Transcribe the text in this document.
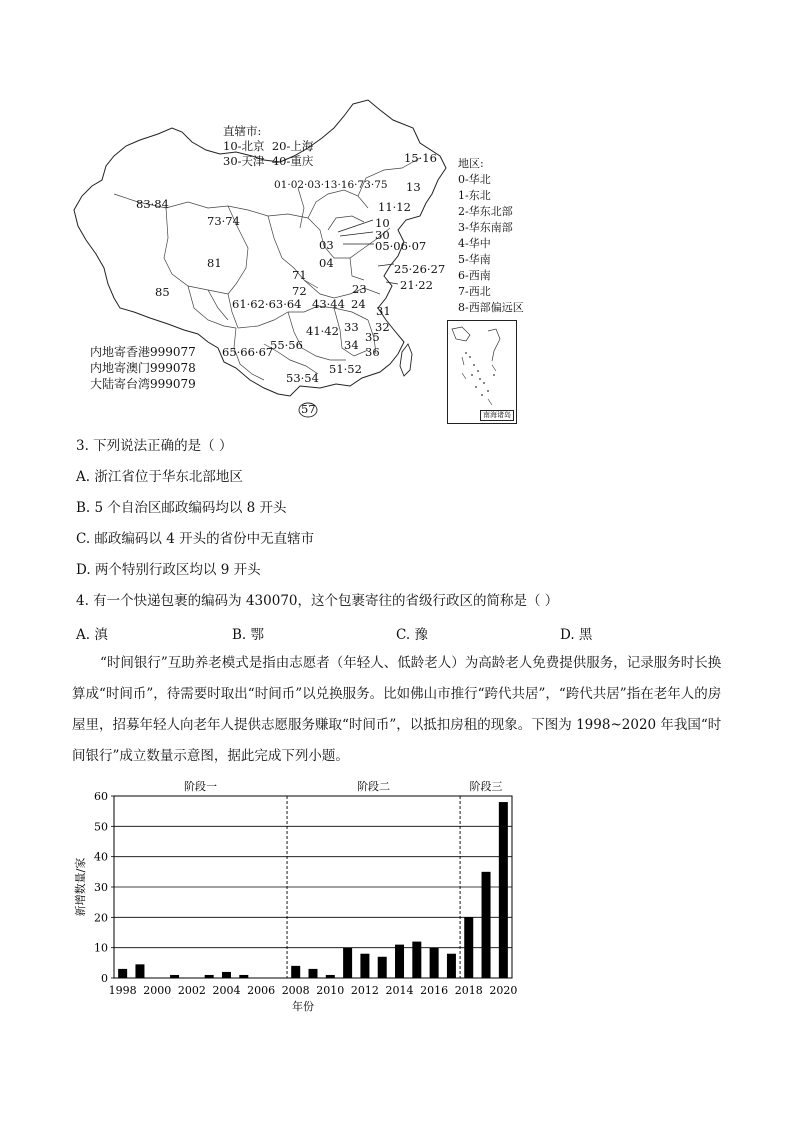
直辖市:
10-北京  20-上海
30-天津  40-重庆	15·16
13
01·02·03·13·16·73·75
83·84
73·74
11·12
10
30
03	05·06·07
04
81
71	25·26·27
21·22
85	72	23
61·62·63·64 43·44 24 31
41·42 33 32
65·66·67
55·56
35
34 36
51·52
53·54
57
内地寄香港999077
内地寄澳门999078
大陆寄台湾999079
地区:
0-华北
1-东北
2-华东北部
3-华东南部
4-华中
5-华南
6-西南
7-西北
8-西部偏远区
南海诸岛
3. 下列说法正确的是（ ）
A. 浙江省位于华东北部地区
B. 5 个自治区邮政编码均以 8 开头
C. 邮政编码以 4 开头的省份中无直辖市
D. 两个特别行政区均以 9 开头
4. 有一个快递包裹的编码为 430070，这个包裹寄往的省级行政区的简称是（ ）
A. 滇	B. 鄂	C. 豫	D. 黑
“时间银行”互助养老模式是指由志愿者（年轻人、低龄老人）为高龄老人免费提供服务，记录服务时长换算成“时间币”，待需要时取出“时间币”以兑换服务。比如佛山市推行“跨代共居”，“跨代共居”指在老年人的房屋里，招募年轻人向老年人提供志愿服务赚取“时间币”，以抵扣房租的现象。下图为 1998~2020 年我国“时间银行”成立数量示意图，据此完成下列小题。
0
10
20
30
40
50
60
1998 2000 2002 2004 2006 2008 2010 2012 2014 2016 2018 2020
阶段一	阶段二	阶段三
新增数量/家
年份
